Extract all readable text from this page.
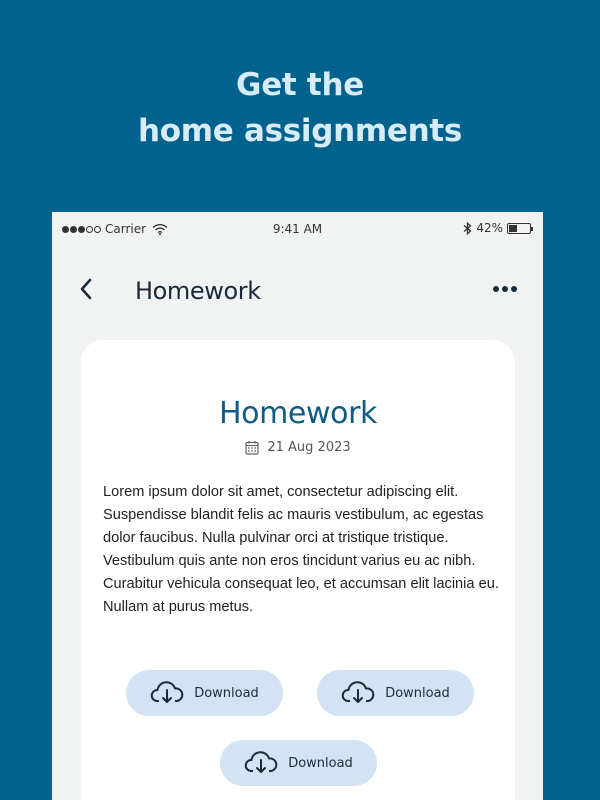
Get the
home assignments
Carrier	9:41 AM	42%
Homework
Homework
21 Aug 2023
Lorem ipsum dolor sit amet, consectetur adipiscing elit. Suspendisse blandit felis ac mauris vestibulum, ac egestas dolor faucibus. Nulla pulvinar orci at tristique tristique. Vestibulum quis ante non eros tincidunt varius eu ac nibh. Curabitur vehicula consequat leo, et accumsan elit lacinia eu. Nullam at purus metus.
Download	Download
Download
